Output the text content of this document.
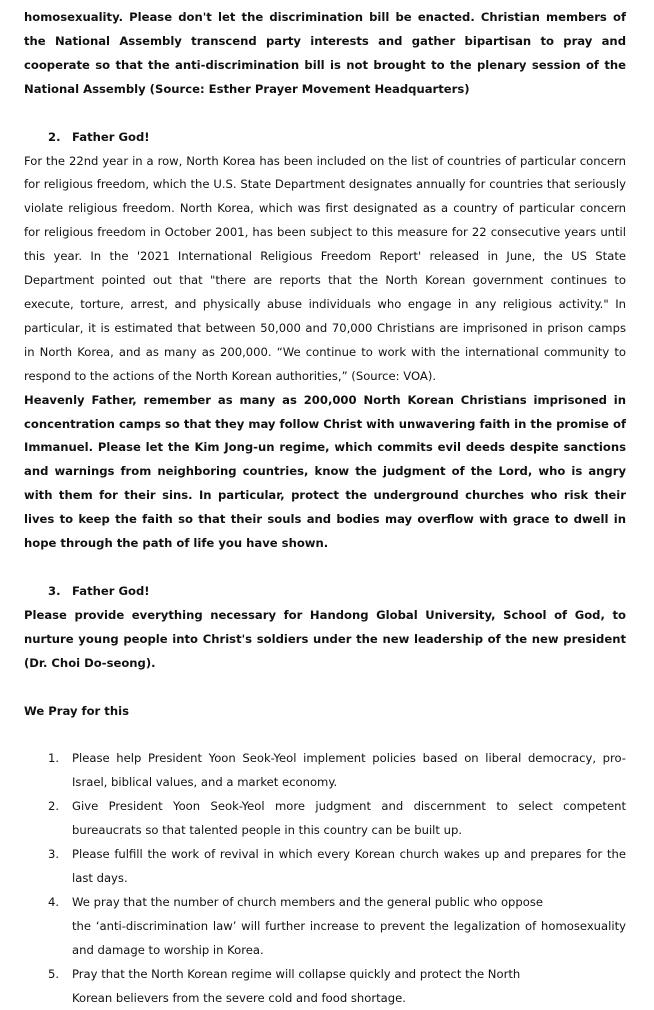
homosexuality. Please don't let the discrimination bill be enacted. Christian members of the National Assembly transcend party interests and gather bipartisan to pray and cooperate so that the anti-discrimination bill is not brought to the plenary session of the National Assembly (Source: Esther Prayer Movement Headquarters)

2. Father God!

For the 22nd year in a row, North Korea has been included on the list of countries of particular concern for religious freedom, which the U.S. State Department designates annually for countries that seriously violate religious freedom. North Korea, which was first designated as a country of particular concern for religious freedom in October 2001, has been subject to this measure for 22 consecutive years until this year. In the '2021 International Religious Freedom Report' released in June, the US State Department pointed out that "there are reports that the North Korean government continues to execute, torture, arrest, and physically abuse individuals who engage in any religious activity." In particular, it is estimated that between 50,000 and 70,000 Christians are imprisoned in prison camps in North Korea, and as many as 200,000. “We continue to work with the international community to respond to the actions of the North Korean authorities,” (Source: VOA).

Heavenly Father, remember as many as 200,000 North Korean Christians imprisoned in concentration camps so that they may follow Christ with unwavering faith in the promise of Immanuel. Please let the Kim Jong-un regime, which commits evil deeds despite sanctions and warnings from neighboring countries, know the judgment of the Lord, who is angry with them for their sins. In particular, protect the underground churches who risk their lives to keep the faith so that their souls and bodies may overflow with grace to dwell in hope through the path of life you have shown.

3. Father God!

Please provide everything necessary for Handong Global University, School of God, to nurture young people into Christ's soldiers under the new leadership of the new president (Dr. Choi Do-seong).

We Pray for this

1.	Please help President Yoon Seok-Yeol implement policies based on liberal democracy, pro-Israel, biblical values, and a market economy.
2.	Give President Yoon Seok-Yeol more judgment and discernment to select competent bureaucrats so that talented people in this country can be built up.
3.	Please fulfill the work of revival in which every Korean church wakes up and prepares for the last days.
4.	We pray that the number of church members and the general public who oppose
the ‘anti-discrimination law’ will further increase to prevent the legalization of homosexuality and damage to worship in Korea.
5.	Pray that the North Korean regime will collapse quickly and protect the North
Korean believers from the severe cold and food shortage.
